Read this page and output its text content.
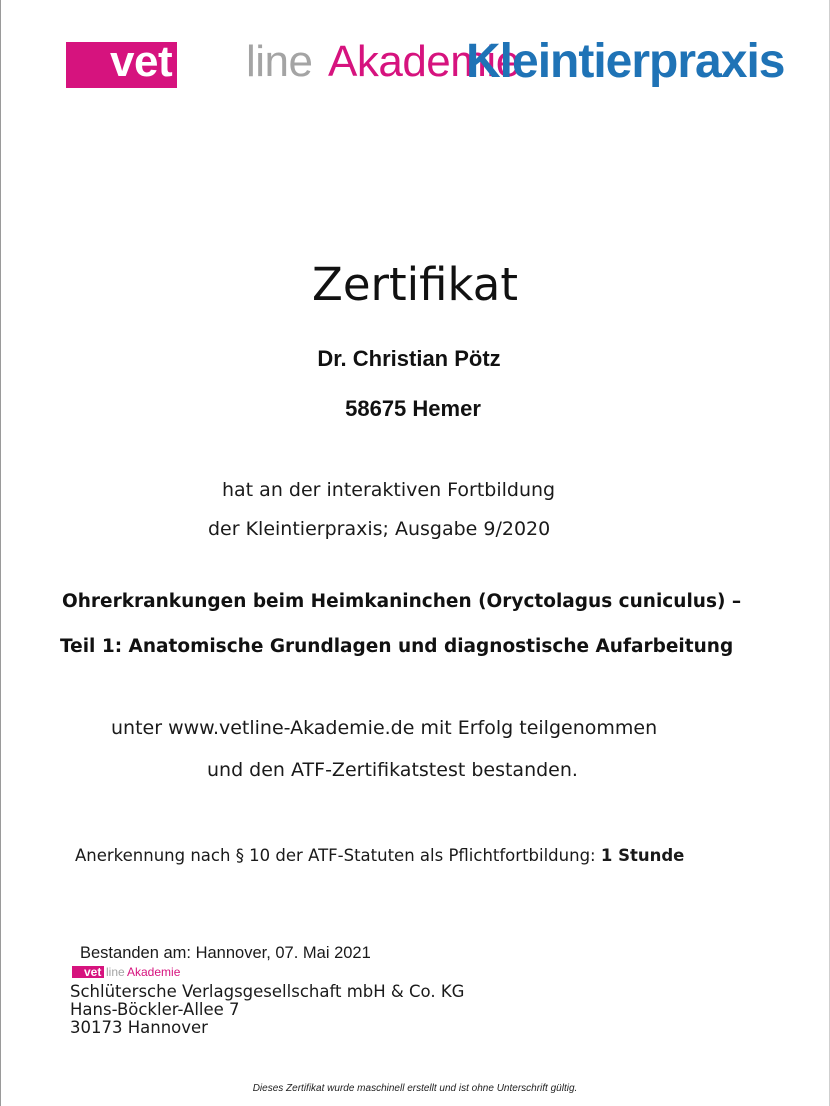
vet line Akademie
Kleintierpraxis
Zertifikat
Dr. Christian Pötz
58675 Hemer
hat an der interaktiven Fortbildung
der Kleintierpraxis; Ausgabe 9/2020
Ohrerkrankungen beim Heimkaninchen (Oryctolagus cuniculus) –
Teil 1: Anatomische Grundlagen und diagnostische Aufarbeitung
unter www.vetline-Akademie.de mit Erfolg teilgenommen
und den ATF-Zertifikatstest bestanden.
Anerkennung nach § 10 der ATF-Statuten als Pflichtfortbildung: 1 Stunde
Bestanden am: Hannover, 07. Mai 2021
vet line Akademie
Schlütersche Verlagsgesellschaft mbH & Co. KG
Hans-Böckler-Allee 7
30173 Hannover
Dieses Zertifikat wurde maschinell erstellt und ist ohne Unterschrift gültig.
